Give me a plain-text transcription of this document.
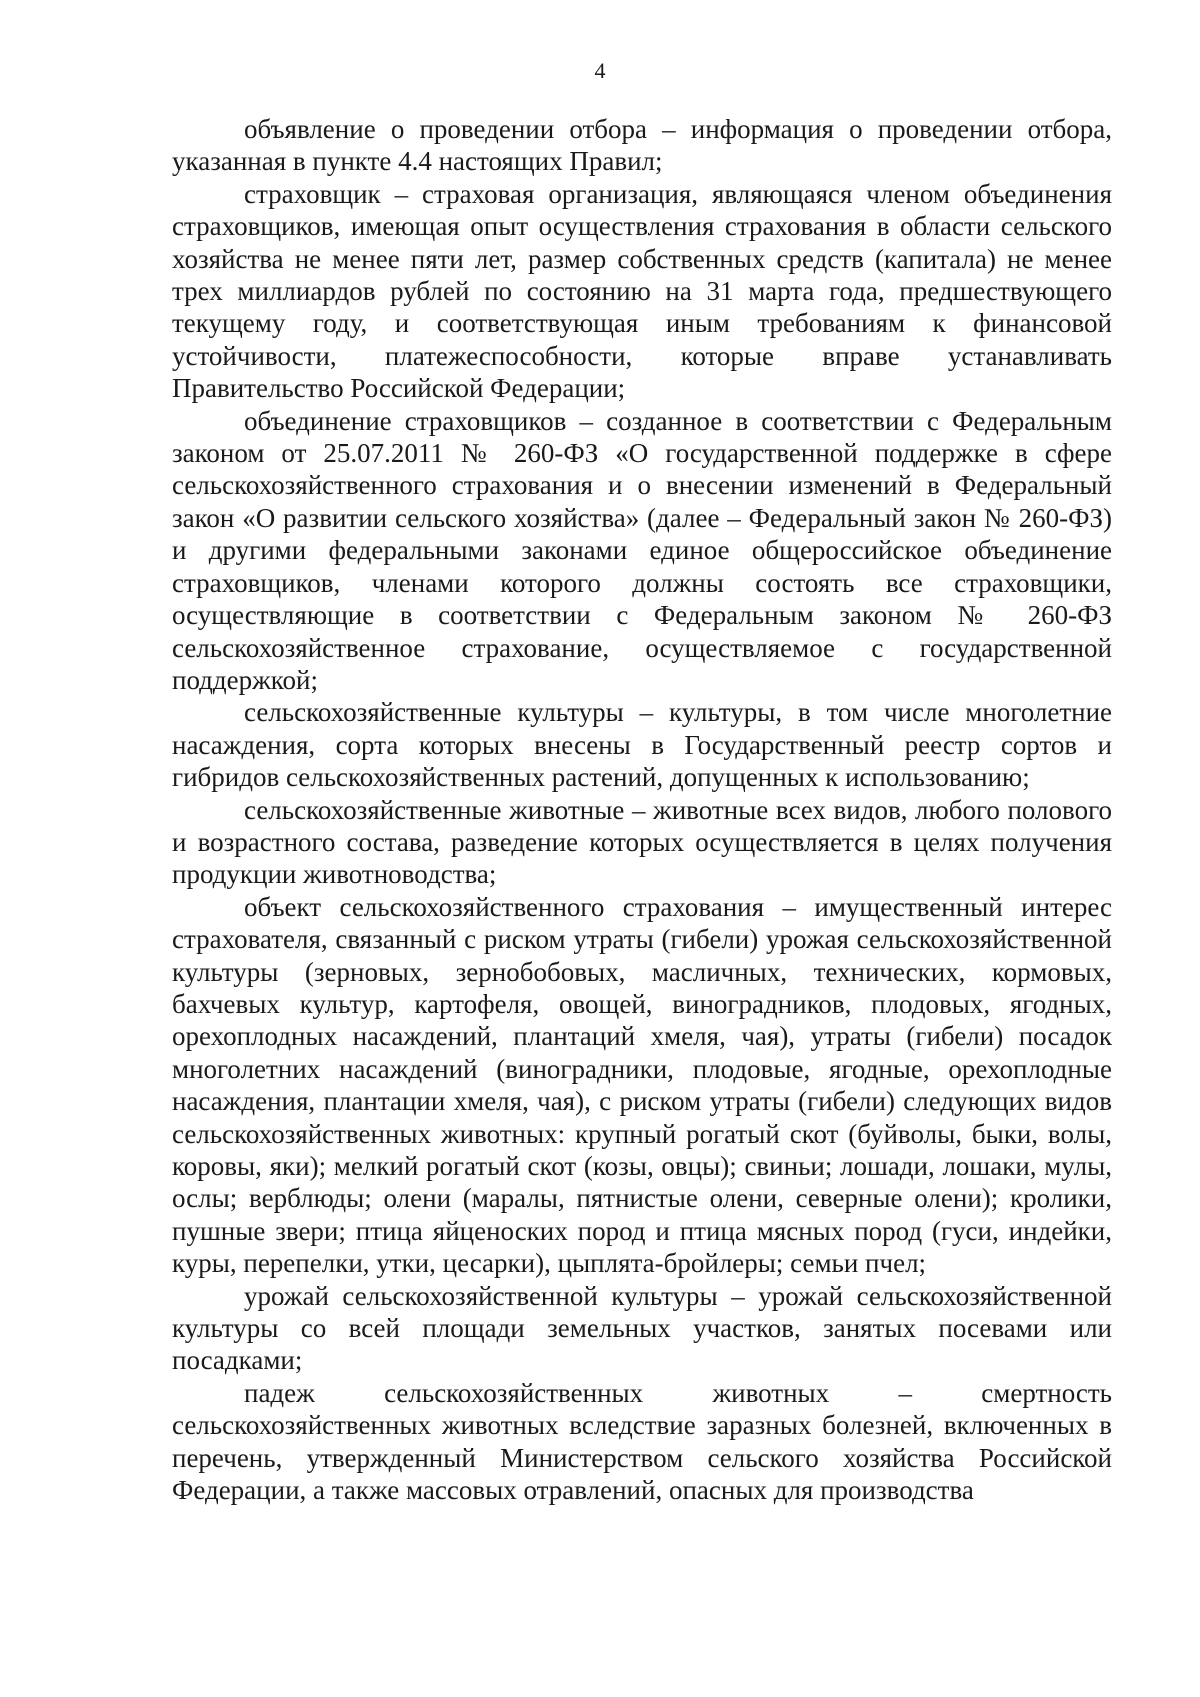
4

объявление о проведении отбора – информация о проведении отбора, указанная в пункте 4.4 настоящих Правил;

страховщик – страховая организация, являющаяся членом объединения страховщиков, имеющая опыт осуществления страхования в области сельского хозяйства не менее пяти лет, размер собственных средств (капитала) не менее трех миллиардов рублей по состоянию на 31 марта года, предшествующего текущему году, и соответствующая иным требованиям к финансовой устойчивости, платежеспособности, которые вправе устанавливать Правительство Российской Федерации;

объединение страховщиков – созданное в соответствии с Федеральным законом от 25.07.2011 № 260-ФЗ «О государственной поддержке в сфере сельскохозяйственного страхования и о внесении изменений в Федеральный закон «О развитии сельского хозяйства» (далее – Федеральный закон № 260-ФЗ) и другими федеральными законами единое общероссийское объединение страховщиков, членами которого должны состоять все страховщики, осуществляющие в соответствии с Федеральным законом № 260-ФЗ сельскохозяйственное страхование, осуществляемое с государственной поддержкой;

сельскохозяйственные культуры – культуры, в том числе многолетние насаждения, сорта которых внесены в Государственный реестр сортов и гибридов сельскохозяйственных растений, допущенных к использованию;

сельскохозяйственные животные – животные всех видов, любого полового и возрастного состава, разведение которых осуществляется в целях получения продукции животноводства;

объект сельскохозяйственного страхования – имущественный интерес страхователя, связанный с риском утраты (гибели) урожая сельскохозяйственной культуры (зерновых, зернобобовых, масличных, технических, кормовых, бахчевых культур, картофеля, овощей, виноградников, плодовых, ягодных, орехоплодных насаждений, плантаций хмеля, чая), утраты (гибели) посадок многолетних насаждений (виноградники, плодовые, ягодные, орехоплодные насаждения, плантации хмеля, чая), с риском утраты (гибели) следующих видов сельскохозяйственных животных: крупный рогатый скот (буйволы, быки, волы, коровы, яки); мелкий рогатый скот (козы, овцы); свиньи; лошади, лошаки, мулы, ослы; верблюды; олени (маралы, пятнистые олени, северные олени); кролики, пушные звери; птица яйценоских пород и птица мясных пород (гуси, индейки, куры, перепелки, утки, цесарки), цыплята-бройлеры; семьи пчел;

урожай сельскохозяйственной культуры – урожай сельскохозяйственной культуры со всей площади земельных участков, занятых посевами или посадками;

падеж сельскохозяйственных животных – смертность сельскохозяйственных животных вследствие заразных болезней, включенных в перечень, утвержденный Министерством сельского хозяйства Российской Федерации, а также массовых отравлений, опасных для производства
